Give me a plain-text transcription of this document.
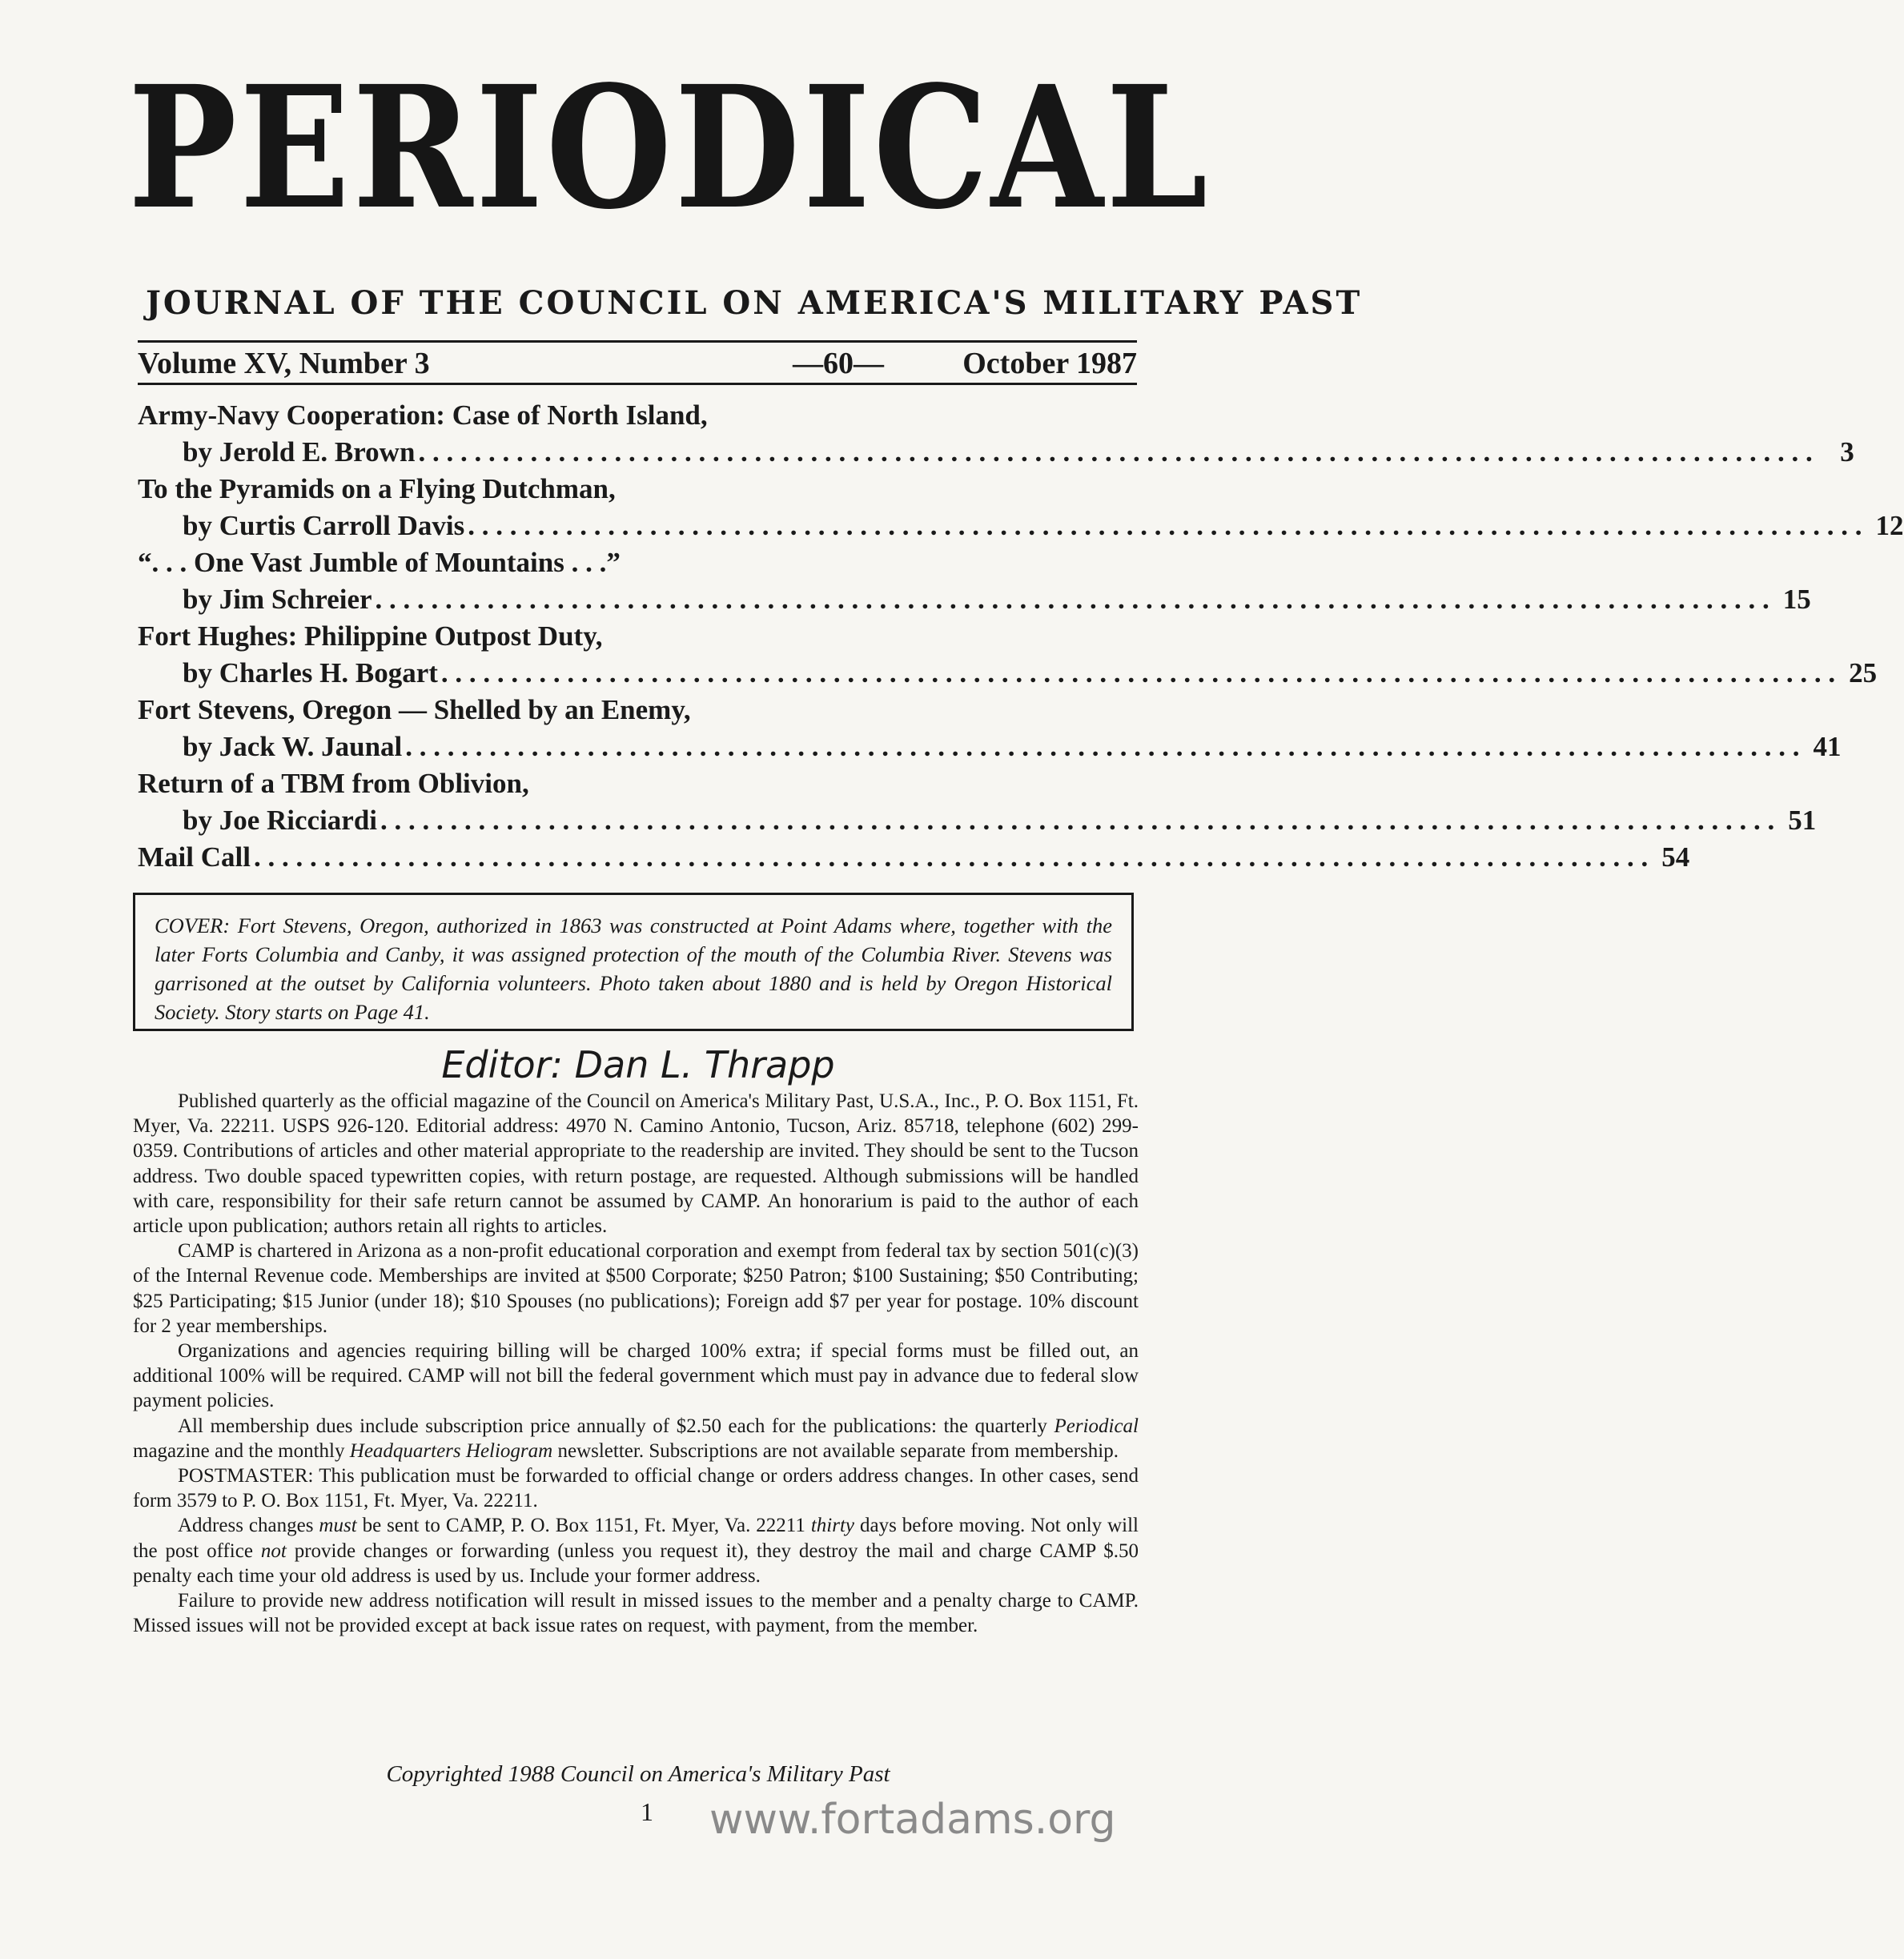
PERIODICAL
JOURNAL OF THE COUNCIL ON AMERICA'S MILITARY PAST
Volume XV, Number 3	—60—	October 1987
Army-Navy Cooperation: Case of North Island,
by Jerold E. Brown . . .	3
To the Pyramids on a Flying Dutchman,
by Curtis Carroll Davis . . .	12
“. . . One Vast Jumble of Mountains . . .”
by Jim Schreier . . .	15
Fort Hughes: Philippine Outpost Duty,
by Charles H. Bogart . . .	25
Fort Stevens, Oregon — Shelled by an Enemy,
by Jack W. Jaunal . . .	41
Return of a TBM from Oblivion,
by Joe Ricciardi . . .	51
Mail Call . . .	54
COVER: Fort Stevens, Oregon, authorized in 1863 was constructed at Point Adams where, together with the later Forts Columbia and Canby, it was assigned protection of the mouth of the Columbia River. Stevens was garrisoned at the outset by California volunteers. Photo taken about 1880 and is held by Oregon Historical Society. Story starts on Page 41.
Editor: Dan L. Thrapp

Published quarterly as the official magazine of the Council on America's Military Past, U.S.A., Inc., P. O. Box 1151, Ft. Myer, Va. 22211. USPS 926-120. Editorial address: 4970 N. Camino Antonio, Tucson, Ariz. 85718, telephone (602) 299-0359. Contributions of articles and other material appropriate to the readership are invited. They should be sent to the Tucson address. Two double spaced typewritten copies, with return postage, are requested. Although submissions will be handled with care, responsibility for their safe return cannot be assumed by CAMP. An honorarium is paid to the author of each article upon publication; authors retain all rights to articles.

CAMP is chartered in Arizona as a non-profit educational corporation and exempt from federal tax by section 501(c)(3) of the Internal Revenue code. Memberships are invited at $500 Corporate; $250 Patron; $100 Sustaining; $50 Contributing; $25 Participating; $15 Junior (under 18); $10 Spouses (no publications); Foreign add $7 per year for postage. 10% discount for 2 year memberships.

Organizations and agencies requiring billing will be charged 100% extra; if special forms must be filled out, an additional 100% will be required. CAMP will not bill the federal government which must pay in advance due to federal slow payment policies.

All membership dues include subscription price annually of $2.50 each for the publications: the quarterly Periodical magazine and the monthly Headquarters Heliogram newsletter. Subscriptions are not available separate from membership.

POSTMASTER: This publication must be forwarded to official change or orders address changes. In other cases, send form 3579 to P. O. Box 1151, Ft. Myer, Va. 22211.

Address changes must be sent to CAMP, P. O. Box 1151, Ft. Myer, Va. 22211 thirty days before moving. Not only will the post office not provide changes or forwarding (unless you request it), they destroy the mail and charge CAMP $.50 penalty each time your old address is used by us. Include your former address.

Failure to provide new address notification will result in missed issues to the member and a penalty charge to CAMP. Missed issues will not be provided except at back issue rates on request, with payment, from the member.

Copyrighted 1988 Council on America's Military Past
1 www.fortadams.org
